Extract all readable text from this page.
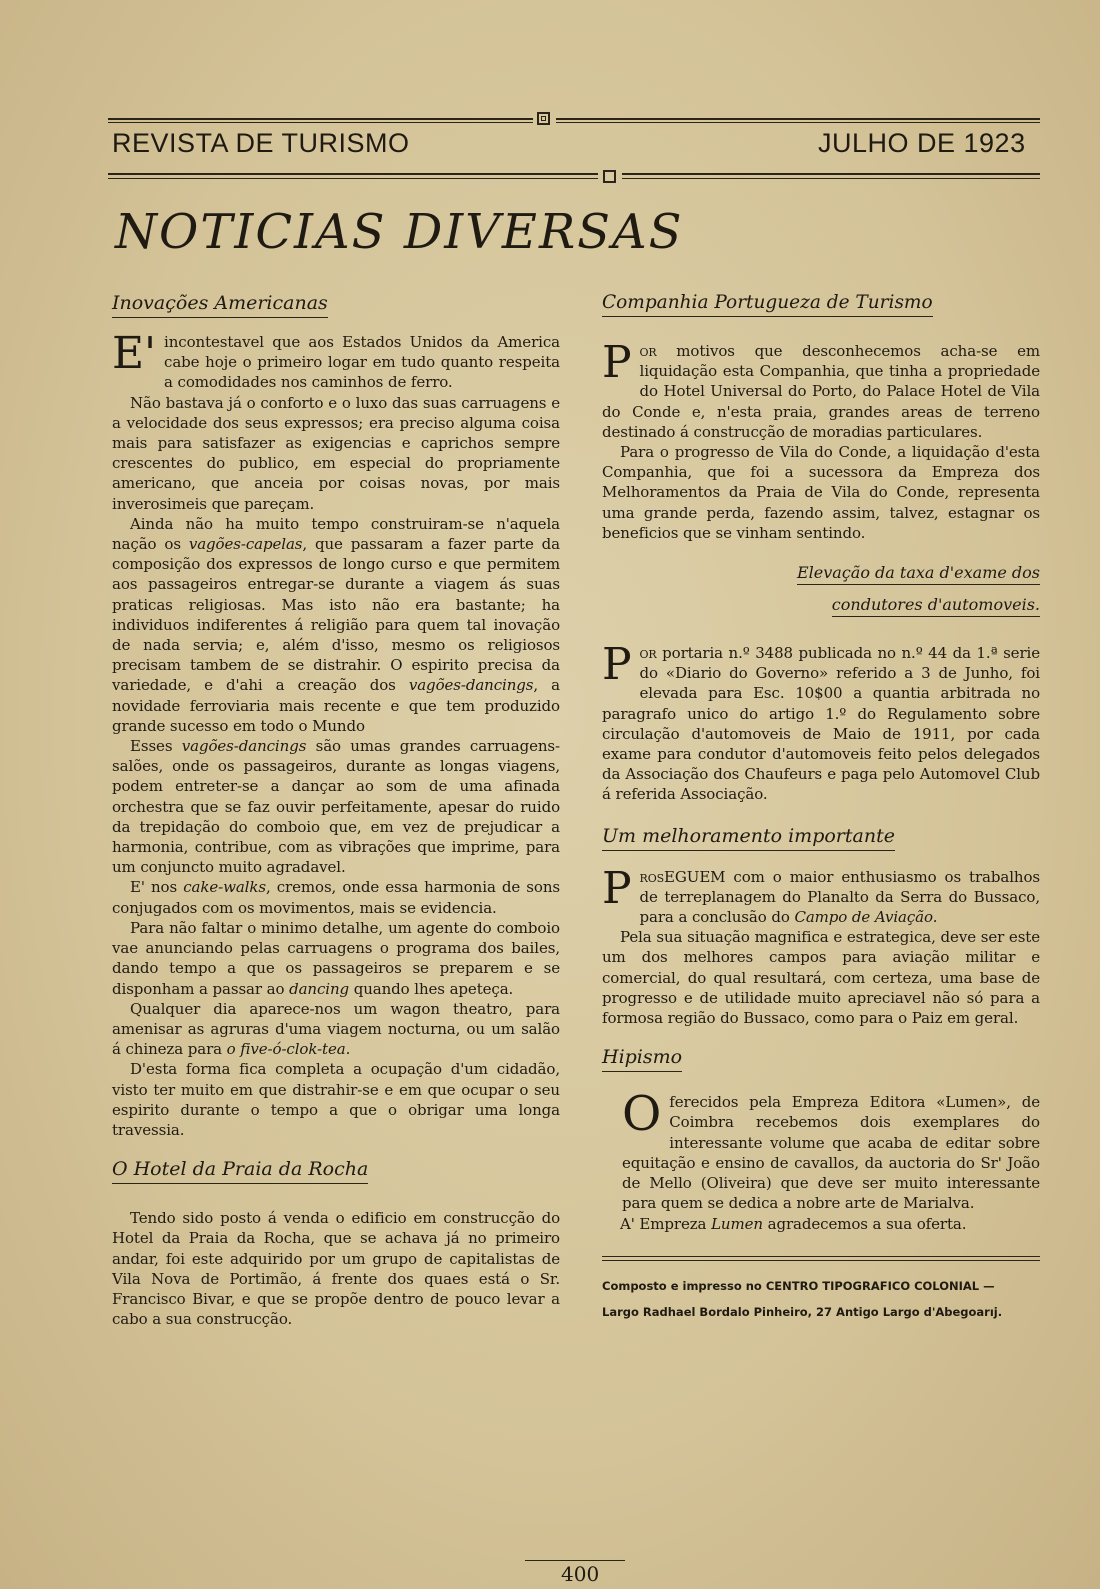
REVISTA DE TURISMO	JULHO DE 1923
NOTICIAS DIVERSAS
Inovações Americanas

E' incontestavel que aos Estados Unidos da America cabe hoje o primeiro logar em tudo quanto respeita a comodidades nos caminhos de ferro.

Não bastava já o conforto e o luxo das suas carruagens e a velocidade dos seus expressos; era preciso alguma coisa mais para satisfazer as exigencias e caprichos sempre crescentes do publico, em especial do propriamente americano, que anceia por coisas novas, por mais inverosimeis que pareçam.

Ainda não ha muito tempo construiram-se n'aquela nação os vagões-capelas, que passaram a fazer parte da composição dos expressos de longo curso e que permitem aos passageiros entregar-se durante a viagem ás suas praticas religiosas. Mas isto não era bastante; ha individuos indiferentes á religião para quem tal inovação de nada servia; e, além d'isso, mesmo os religiosos precisam tambem de se distrahir. O espirito precisa da variedade, e d'ahi a creação dos vagões-dancings, a novidade ferroviaria mais recente e que tem produzido grande sucesso em todo o Mundo

Esses vagões-dancings são umas grandes carruagens-salões, onde os passageiros, durante as longas viagens, podem entreter-se a dançar ao som de uma afinada orchestra que se faz ouvir perfeitamente, apesar do ruido da trepidação do comboio que, em vez de prejudicar a harmonia, contribue, com as vibrações que imprime, para um conjuncto muito agradavel.

E' nos cake-walks, cremos, onde essa harmonia de sons conjugados com os movimentos, mais se evidencia.

Para não faltar o minimo detalhe, um agente do comboio vae anunciando pelas carruagens o programa dos bailes, dando tempo a que os passageiros se preparem e se disponham a passar ao dancing quando lhes apeteça.

Qualquer dia aparece-nos um wagon theatro, para amenisar as agruras d'uma viagem nocturna, ou um salão á chineza para o five-ó-clok-tea.

D'esta forma fica completa a ocupação d'um cidadão, visto ter muito em que distrahir-se e em que ocupar o seu espirito durante o tempo a que o obrigar uma longa travessia.

O Hotel da Praia da Rocha

Tendo sido posto á venda o edificio em construcção do Hotel da Praia da Rocha, que se achava já no primeiro andar, foi este adquirido por um grupo de capitalistas de Vila Nova de Portimão, á frente dos quaes está o Sr. Francisco Bivar, e que se propõe dentro de pouco levar a cabo a sua construcção.

Companhia Portugueza de Turismo

Por motivos que desconhecemos acha-se em liquidação esta Companhia, que tinha a propriedade do Hotel Universal do Porto, do Palace Hotel de Vila do Conde e, n'esta praia, grandes areas de terreno destinado á construcção de moradias particulares.

Para o progresso de Vila do Conde, a liquidação d'esta Companhia, que foi a sucessora da Empreza dos Melhoramentos da Praia de Vila do Conde, representa uma grande perda, fazendo assim, talvez, estagnar os beneficios que se vinham sentindo.

Elevação da taxa d'exame dos
condutores d'automoveis.

Por portaria n.º 3488 publicada no n.º 44 da 1.ª serie do «Diario do Governo» referido a 3 de Junho, foi elevada para Esc. 10$00 a quantia arbitrada no paragrafo unico do artigo 1.º do Regulamento sobre circulação d'automoveis de Maio de 1911, por cada exame para condutor d'automoveis feito pelos delegados da Associação dos Chaufeurs e paga pelo Automovel Club á referida Associação.

Um melhoramento importante

ProsEGUEM com o maior enthusiasmo os trabalhos de terreplanagem do Planalto da Serra do Bussaco, para a conclusão do Campo de Aviação.

Pela sua situação magnifica e estrategica, deve ser este um dos melhores campos para aviação militar e comercial, do qual resultará, com certeza, uma base de progresso e de utilidade muito apreciavel não só para a formosa região do Bussaco, como para o Paiz em geral.

Hipismo

Oferecidos pela Empreza Editora «Lumen», de Coimbra recebemos dois exemplares do interessante volume que acaba de editar sobre equitação e ensino de cavallos, da auctoria do Sr' João de Mello (Oliveira) que deve ser muito interessante para quem se dedica a nobre arte de Marialva.

A' Empreza Lumen agradecemos a sua oferta.

Composto e impresso no CENTRO TIPOGRAFICO COLONIAL —
Largo Radhael Bordalo Pinheiro, 27 Antigo Largo d'Abegoarıj.
400
